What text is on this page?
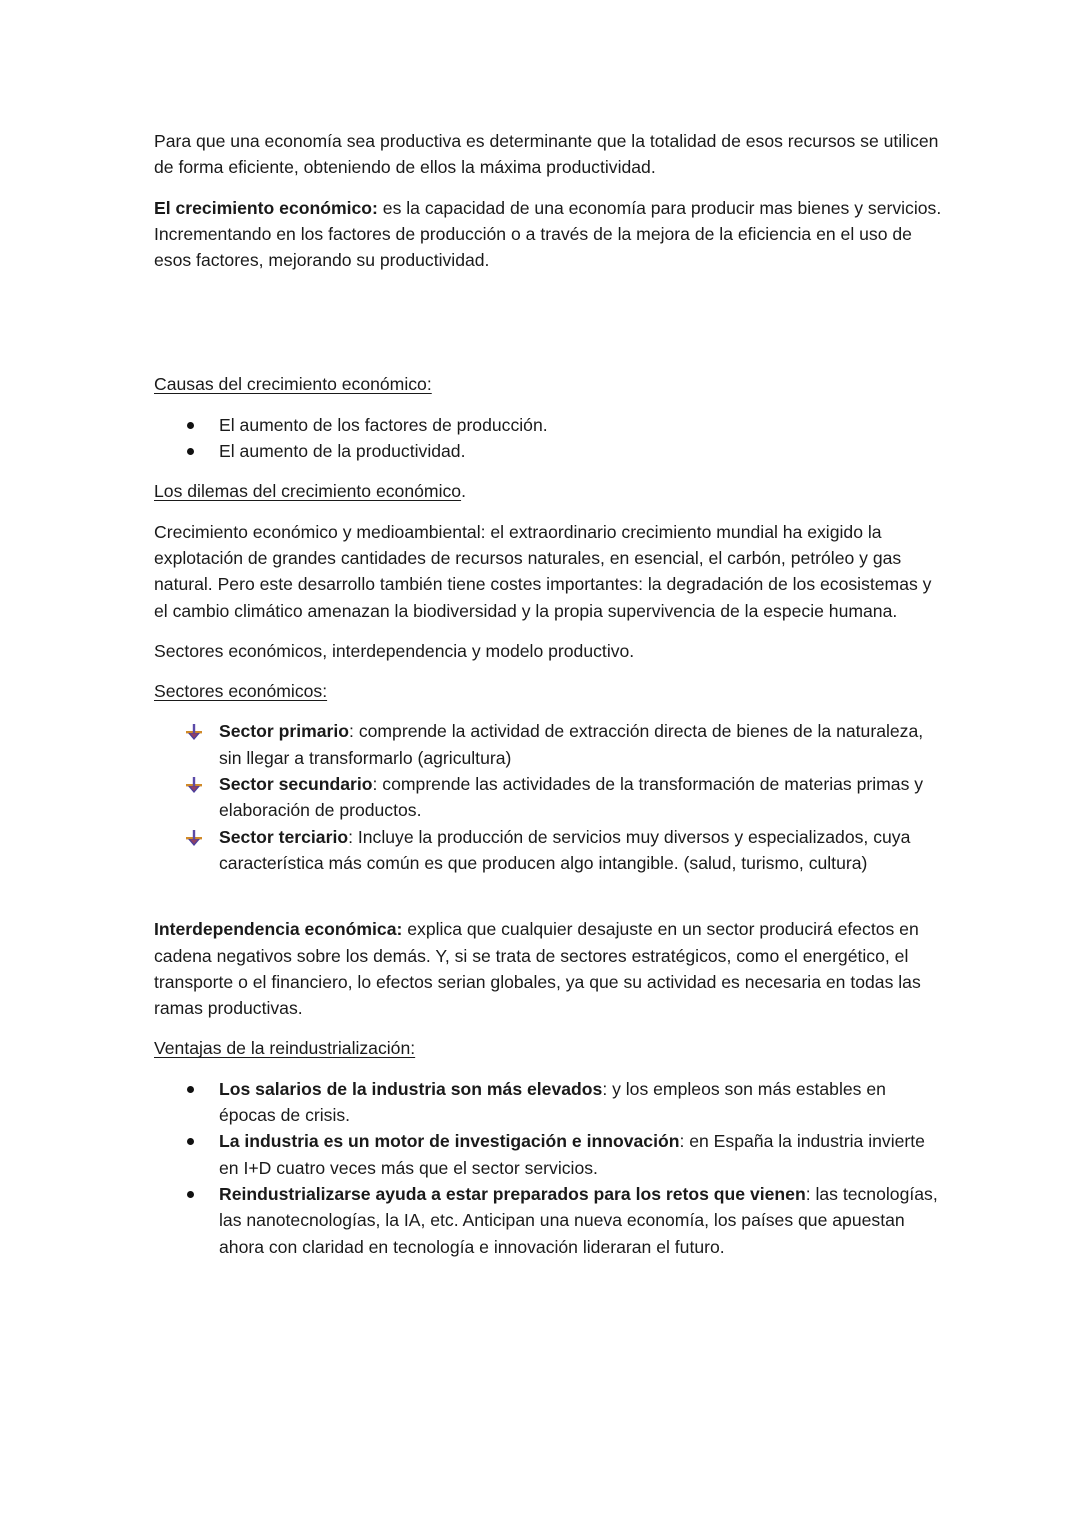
Para que una economía sea productiva es determinante que la totalidad de esos recursos se utilicen de forma eficiente, obteniendo de ellos la máxima productividad.

El crecimiento económico: es la capacidad de una economía para producir mas bienes y servicios. Incrementando en los factores de producción o a través de la mejora de la eficiencia en el uso de esos factores, mejorando su productividad.

Causas del crecimiento económico:

El aumento de los factores de producción.
El aumento de la productividad.

Los dilemas del crecimiento económico.

Crecimiento económico y medioambiental: el extraordinario crecimiento mundial ha exigido la explotación de grandes cantidades de recursos naturales, en esencial, el carbón, petróleo y gas natural. Pero este desarrollo también tiene costes importantes: la degradación de los ecosistemas y el cambio climático amenazan la biodiversidad y la propia supervivencia de la especie humana.

Sectores económicos, interdependencia y modelo productivo.

Sectores económicos:

Sector primario: comprende la actividad de extracción directa de bienes de la naturaleza, sin llegar a transformarlo (agricultura)
Sector secundario: comprende las actividades de la transformación de materias primas y elaboración de productos.
Sector terciario: Incluye la producción de servicios muy diversos y especializados, cuya característica más común es que producen algo intangible. (salud, turismo, cultura)

Interdependencia económica: explica que cualquier desajuste en un sector producirá efectos en cadena negativos sobre los demás. Y, si se trata de sectores estratégicos, como el energético, el transporte o el financiero, lo efectos serian globales, ya que su actividad es necesaria en todas las ramas productivas.

Ventajas de la reindustrialización:

Los salarios de la industria son más elevados: y los empleos son más estables en épocas de crisis.
La industria es un motor de investigación e innovación: en España la industria invierte en I+D cuatro veces más que el sector servicios.
Reindustrializarse ayuda a estar preparados para los retos que vienen: las tecnologías, las nanotecnologías, la IA, etc. Anticipan una nueva economía, los países que apuestan ahora con claridad en tecnología e innovación lideraran el futuro.
